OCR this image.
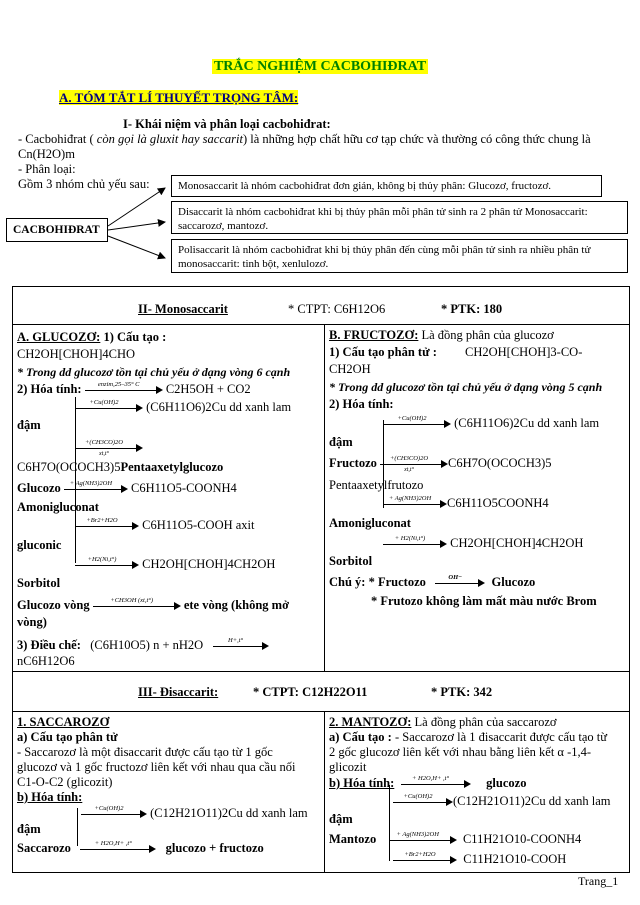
TRẮC NGHIỆM CACBOHIĐRAT
A. TÓM TẮT LÍ THUYẾT TRỌNG TÂM:
I- Khái niệm và phân loại cacbohiđrat:
- Cacbohiđrat ( còn gọi là gluxit hay saccarit) là những hợp chất hữu cơ tạp chức và thường có công thức chung là
Cn(H2O)m
- Phân loại:
Gồm 3 nhóm chủ yếu sau:
CACBOHIĐRAT
Monosaccarit là nhóm cacbohiđrat đơn giản, không bị thủy phân: Glucozơ, fructozơ.
Disaccarit là nhóm cacbohiđrat khi bị thủy phân mỗi phân tử sinh ra 2 phân tử Monosaccarit: saccarozơ, mantozơ.
Polisaccarit là nhóm cacbohiđrat khi bị thủy phân đến cùng mỗi phân tử sinh ra nhiều phân tử monosaccarit: tinh bột, xenlulozơ.
II- Monosaccarit	* CTPT: C6H12O6	* PTK: 180
A. GLUCOZƠ: 1) Cấu tạo :
CH2OH[CHOH]4CHO
* Trong dd glucozơ tồn tại chủ yếu ở dạng vòng 6 cạnh
2) Hóa tính:	enzim,25–35° C	C2H5OH + CO2
+Cu(OH)2	(C6H11O6)2Cu dd xanh lam
đậm
+(CH3CO)2O
xt,t°
C6H7O(OCOCH3)5Pentaaxetylglucozo
Glucozo	+ Ag(NH3)2OH	C6H11O5-COONH4
Amonigluconat
+Br2+H2O	C6H11O5-COOH axit
gluconic
+H2(Ni,t°)	CH2OH[CHOH]4CH2OH
Sorbitol
Glucozo vòng	+CH3OH (xt,t°)	ete vòng (không mở
vòng)
3) Điều chế: (C6H10O5) n + nH2O	H+,t°
nC6H12O6
B. FRUCTOZƠ: Là đồng phân của glucozơ
1) Cấu tạo phân tử : CH2OH[CHOH]3-CO-
CH2OH
* Trong dd glucozơ tồn tại chủ yếu ở dạng vòng 5 cạnh
2) Hóa tính:
+Cu(OH)2	(C6H11O6)2Cu dd xanh lam
đậm
Fructozo	+(CH3CO)2O
xt,t°	C6H7O(OCOCH3)5
Pentaaxetylfrutozo
+ Ag(NH3)2OH	C6H11O5COONH4
Amonigluconat
+ H2(Ni,t°)	CH2OH[CHOH]4CH2OH
Sorbitol
Chú ý: * Fructozo	OH−	Glucozo
* Frutozo không làm mất màu nước Brom
III- Đisaccarit:	* CTPT: C12H22O11	* PTK: 342
1. SACCAROZƠ
a) Cấu tạo phân tử
- Saccarozơ là một đisaccarit được cấu tạo từ 1 gốc
glucozơ và 1 gốc fructozơ liên kết với nhau qua cầu nối
C1-O-C2 (glicozit)
b) Hóa tính:
+Cu(OH)2	(C12H21O11)2Cu dd xanh lam
đậm
Saccarozo	+ H2O,H+ ,t°	glucozo + fructozo
2. MANTOZƠ: Là đồng phân của saccarozơ
a) Cấu tạo : - Saccarozơ là 1 đisaccarit được cấu tạo từ
2 gốc glucozơ liên kết với nhau bằng liên kết α -1,4-
glicozit
b) Hóa tính:	+ H2O,H+ ,t°	glucozo
+Cu(OH)2	(C12H21O11)2Cu dd xanh lam
đậm
Mantozo	+ Ag(NH3)2OH	C11H21O10-COONH4
+Br2+H2O	C11H21O10-COOH
Trang_1
